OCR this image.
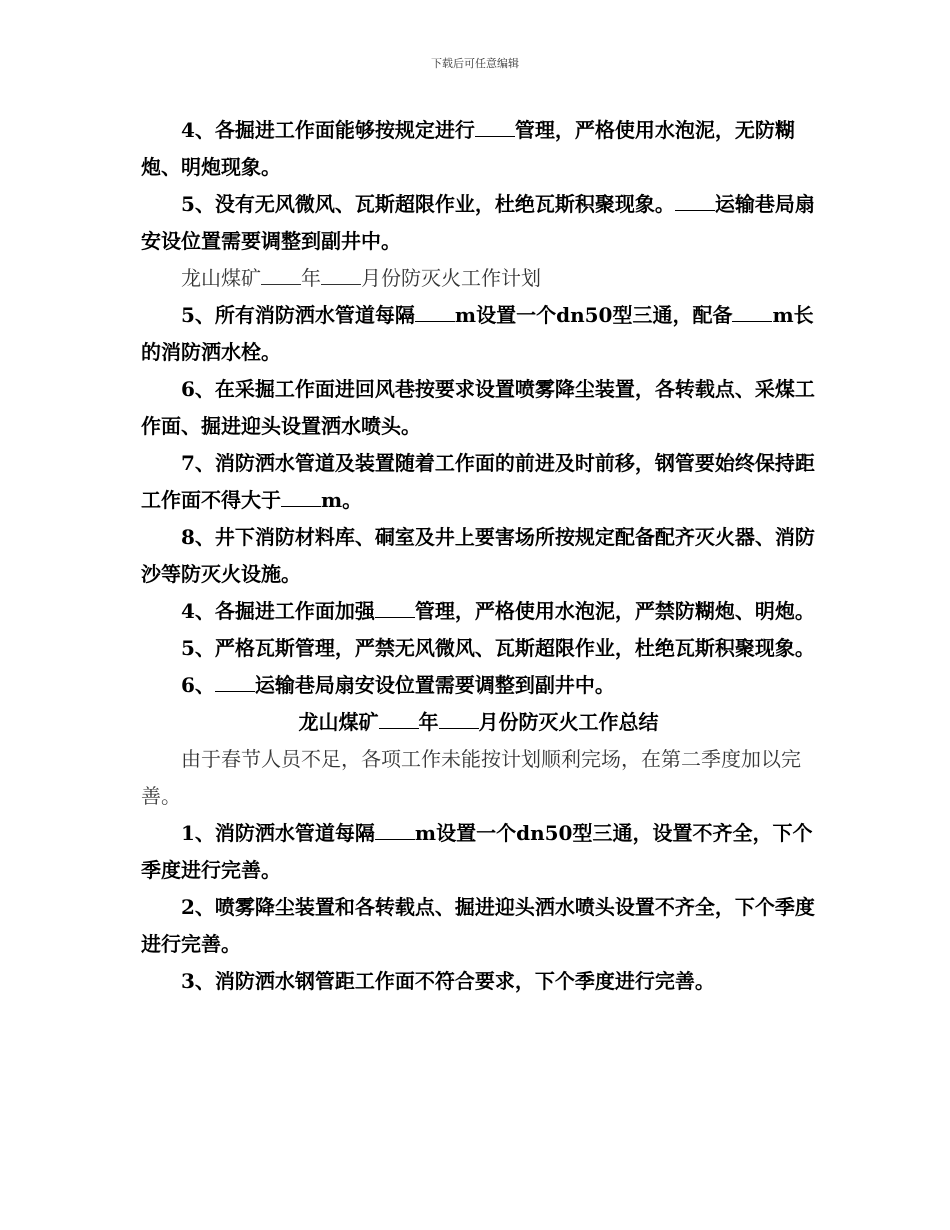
下载后可任意编辑

4、各掘进工作面能够按规定进行 管理，严格使用水泡泥，无防糊炮、明炮现象。

5、没有无风微风、瓦斯超限作业，杜绝瓦斯积聚现象。 运输巷局扇安设位置需要调整到副井中。

龙山煤矿 年 月份防灭火工作计划

5、所有消防洒水管道每隔 m设置一个dn50型三通，配备 m长的消防洒水栓。

6、在采掘工作面进回风巷按要求设置喷雾降尘装置，各转载点、采煤工作面、掘进迎头设置洒水喷头。

7、消防洒水管道及装置随着工作面的前进及时前移，钢管要始终保持距工作面不得大于 m。

8、井下消防材料库、硐室及井上要害场所按规定配备配齐灭火器、消防沙等防灭火设施。

4、各掘进工作面加强 管理，严格使用水泡泥，严禁防糊炮、明炮。

5、严格瓦斯管理，严禁无风微风、瓦斯超限作业，杜绝瓦斯积聚现象。

6、 运输巷局扇安设位置需要调整到副井中。

龙山煤矿 年 月份防灭火工作总结

由于春节人员不足，各项工作未能按计划顺利完场，在第二季度加以完善。

1、消防洒水管道每隔 m设置一个dn50型三通，设置不齐全，下个季度进行完善。

2、喷雾降尘装置和各转载点、掘进迎头洒水喷头设置不齐全，下个季度进行完善。

3、消防洒水钢管距工作面不符合要求，下个季度进行完善。
